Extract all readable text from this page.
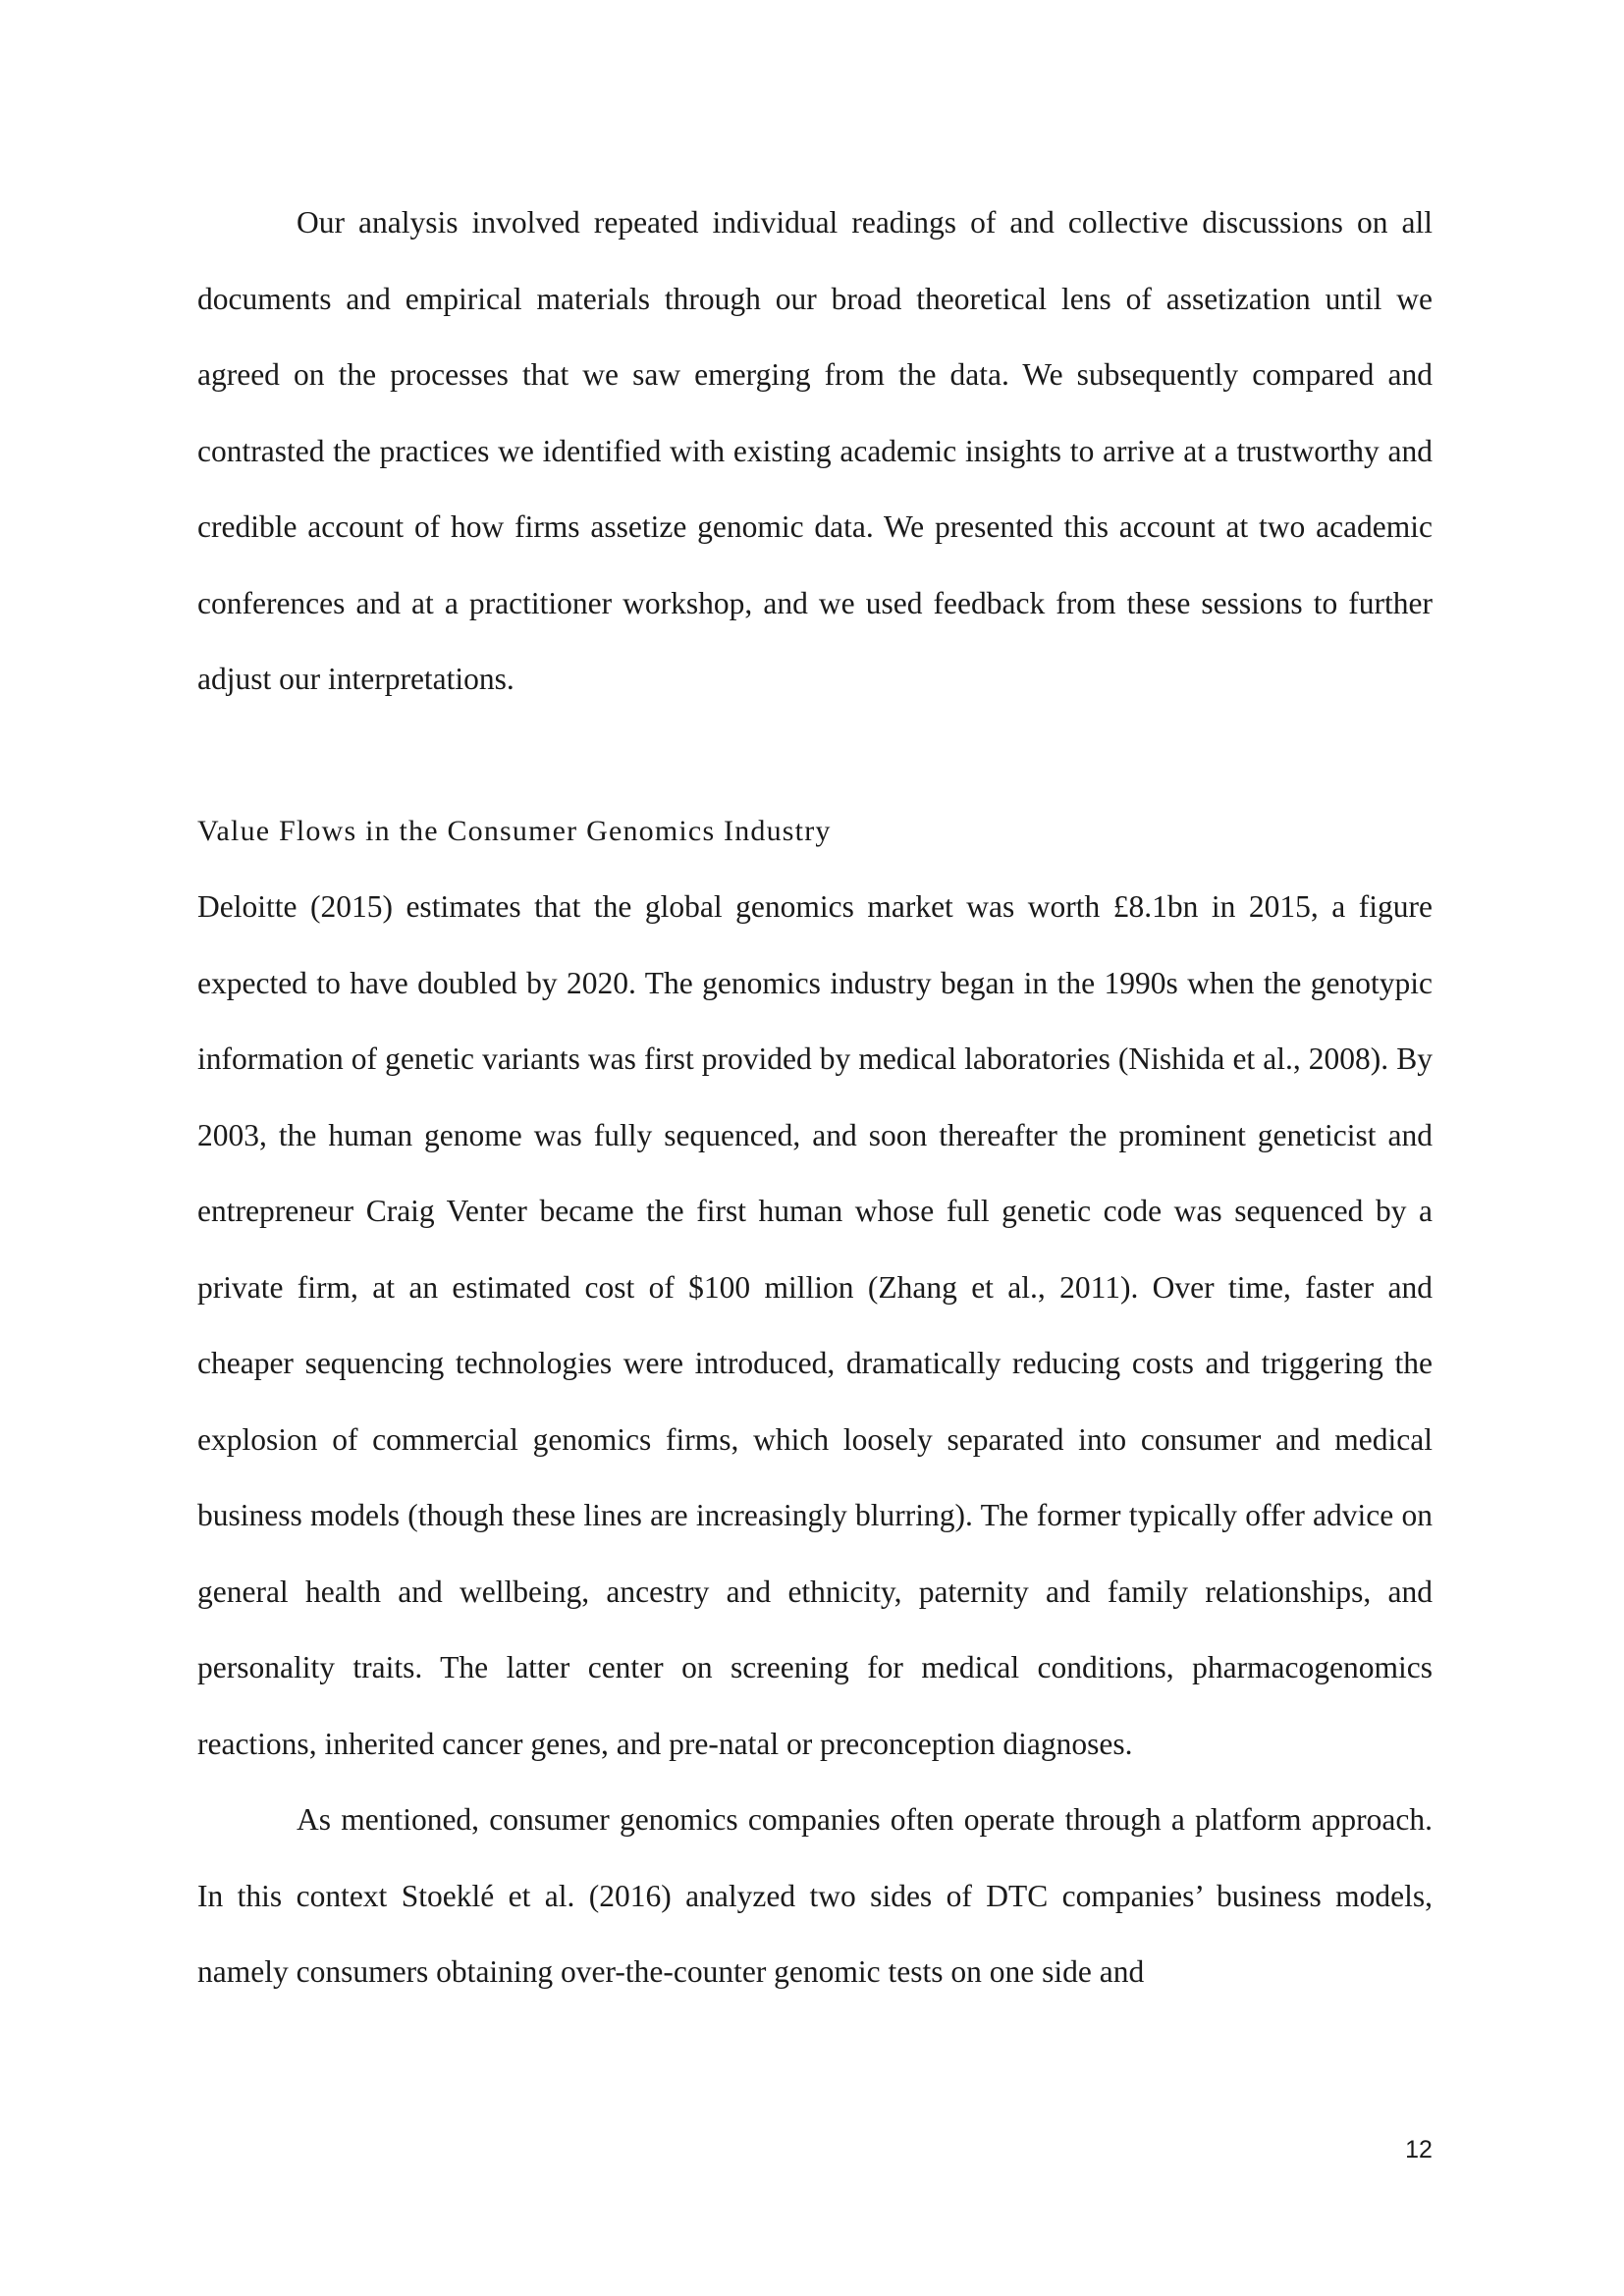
Our analysis involved repeated individual readings of and collective discussions on all documents and empirical materials through our broad theoretical lens of assetization until we agreed on the processes that we saw emerging from the data. We subsequently compared and contrasted the practices we identified with existing academic insights to arrive at a trustworthy and credible account of how firms assetize genomic data. We presented this account at two academic conferences and at a practitioner workshop, and we used feedback from these sessions to further adjust our interpretations.

Value Flows in the Consumer Genomics Industry

Deloitte (2015) estimates that the global genomics market was worth £8.1bn in 2015, a figure expected to have doubled by 2020. The genomics industry began in the 1990s when the genotypic information of genetic variants was first provided by medical laboratories (Nishida et al., 2008). By 2003, the human genome was fully sequenced, and soon thereafter the prominent geneticist and entrepreneur Craig Venter became the first human whose full genetic code was sequenced by a private firm, at an estimated cost of $100 million (Zhang et al., 2011). Over time, faster and cheaper sequencing technologies were introduced, dramatically reducing costs and triggering the explosion of commercial genomics firms, which loosely separated into consumer and medical business models (though these lines are increasingly blurring). The former typically offer advice on general health and wellbeing, ancestry and ethnicity, paternity and family relationships, and personality traits. The latter center on screening for medical conditions, pharmacogenomics reactions, inherited cancer genes, and pre-natal or preconception diagnoses.

As mentioned, consumer genomics companies often operate through a platform approach. In this context Stoeklé et al. (2016) analyzed two sides of DTC companies’ business models, namely consumers obtaining over-the-counter genomic tests on one side and

12
